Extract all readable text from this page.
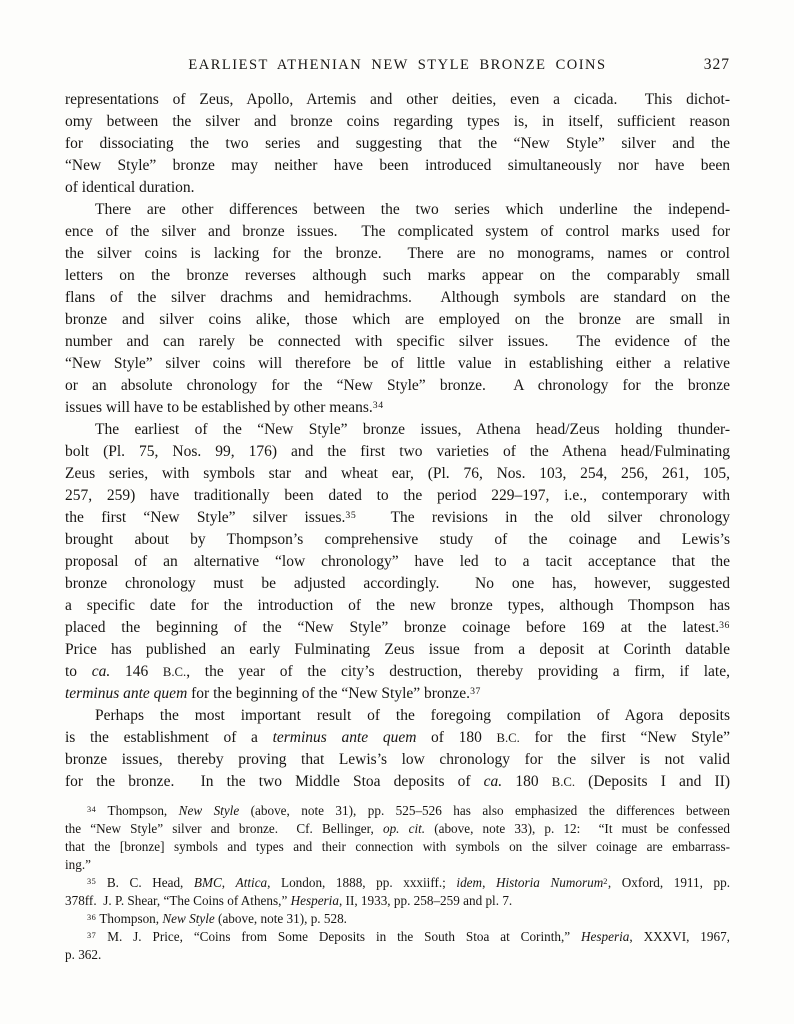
EARLIEST ATHENIAN NEW STYLE BRONZE COINS	327
representations of Zeus, Apollo, Artemis and other deities, even a cicada.  This dichot-
omy between the silver and bronze coins regarding types is, in itself, sufficient reason
for dissociating the two series and suggesting that the “New Style” silver and the
“New Style” bronze may neither have been introduced simultaneously nor have been
of identical duration.
There are other differences between the two series which underline the independ-
ence of the silver and bronze issues.  The complicated system of control marks used for
the silver coins is lacking for the bronze.  There are no monograms, names or control
letters on the bronze reverses although such marks appear on the comparably small
flans of the silver drachms and hemidrachms.  Although symbols are standard on the
bronze and silver coins alike, those which are employed on the bronze are small in
number and can rarely be connected with specific silver issues.  The evidence of the
“New Style” silver coins will therefore be of little value in establishing either a relative
or an absolute chronology for the “New Style” bronze.  A chronology for the bronze
issues will have to be established by other means.$^{34}$
The earliest of the “New Style” bronze issues, Athena head/Zeus holding thunder-
bolt (Pl. 75, Nos. 99, 176) and the first two varieties of the Athena head/Fulminating
Zeus series, with symbols star and wheat ear, (Pl. 76, Nos. 103, 254, 256, 261, 105,
257, 259) have traditionally been dated to the period 229–197, i.e., contemporary with
the first “New Style” silver issues.$^{35}$  The revisions in the old silver chronology
brought about by Thompson’s comprehensive study of the coinage and Lewis’s
proposal of an alternative “low chronology” have led to a tacit acceptance that the
bronze chronology must be adjusted accordingly.  No one has, however, suggested
a specific date for the introduction of the new bronze types, although Thompson has
placed the beginning of the “New Style” bronze coinage before 169 at the latest.$^{36}$
Price has published an early Fulminating Zeus issue from a deposit at Corinth datable
to ca. 146 B.C., the year of the city’s destruction, thereby providing a firm, if late,
terminus ante quem for the beginning of the “New Style” bronze.$^{37}$
Perhaps the most important result of the foregoing compilation of Agora deposits
is the establishment of a terminus ante quem of 180 B.C. for the first “New Style”
bronze issues, thereby proving that Lewis’s low chronology for the silver is not valid
for the bronze.  In the two Middle Stoa deposits of ca. 180 B.C. (Deposits I and II)
$^{34}$ Thompson, New Style (above, note 31), pp. 525–526 has also emphasized the differences between
the “New Style” silver and bronze.  Cf. Bellinger, op. cit. (above, note 33), p. 12:  “It must be confessed
that the [bronze] symbols and types and their connection with symbols on the silver coinage are embarrass-
ing.”
$^{35}$ B. C. Head, BMC, Attica, London, 1888, pp. xxxiiff.; idem, Historia Numorum$^2$, Oxford, 1911, pp.
378ff.  J. P. Shear, “The Coins of Athens,” Hesperia, II, 1933, pp. 258–259 and pl. 7.
$^{36}$ Thompson, New Style (above, note 31), p. 528.
$^{37}$ M. J. Price, “Coins from Some Deposits in the South Stoa at Corinth,” Hesperia, XXXVI, 1967,
p. 362.
